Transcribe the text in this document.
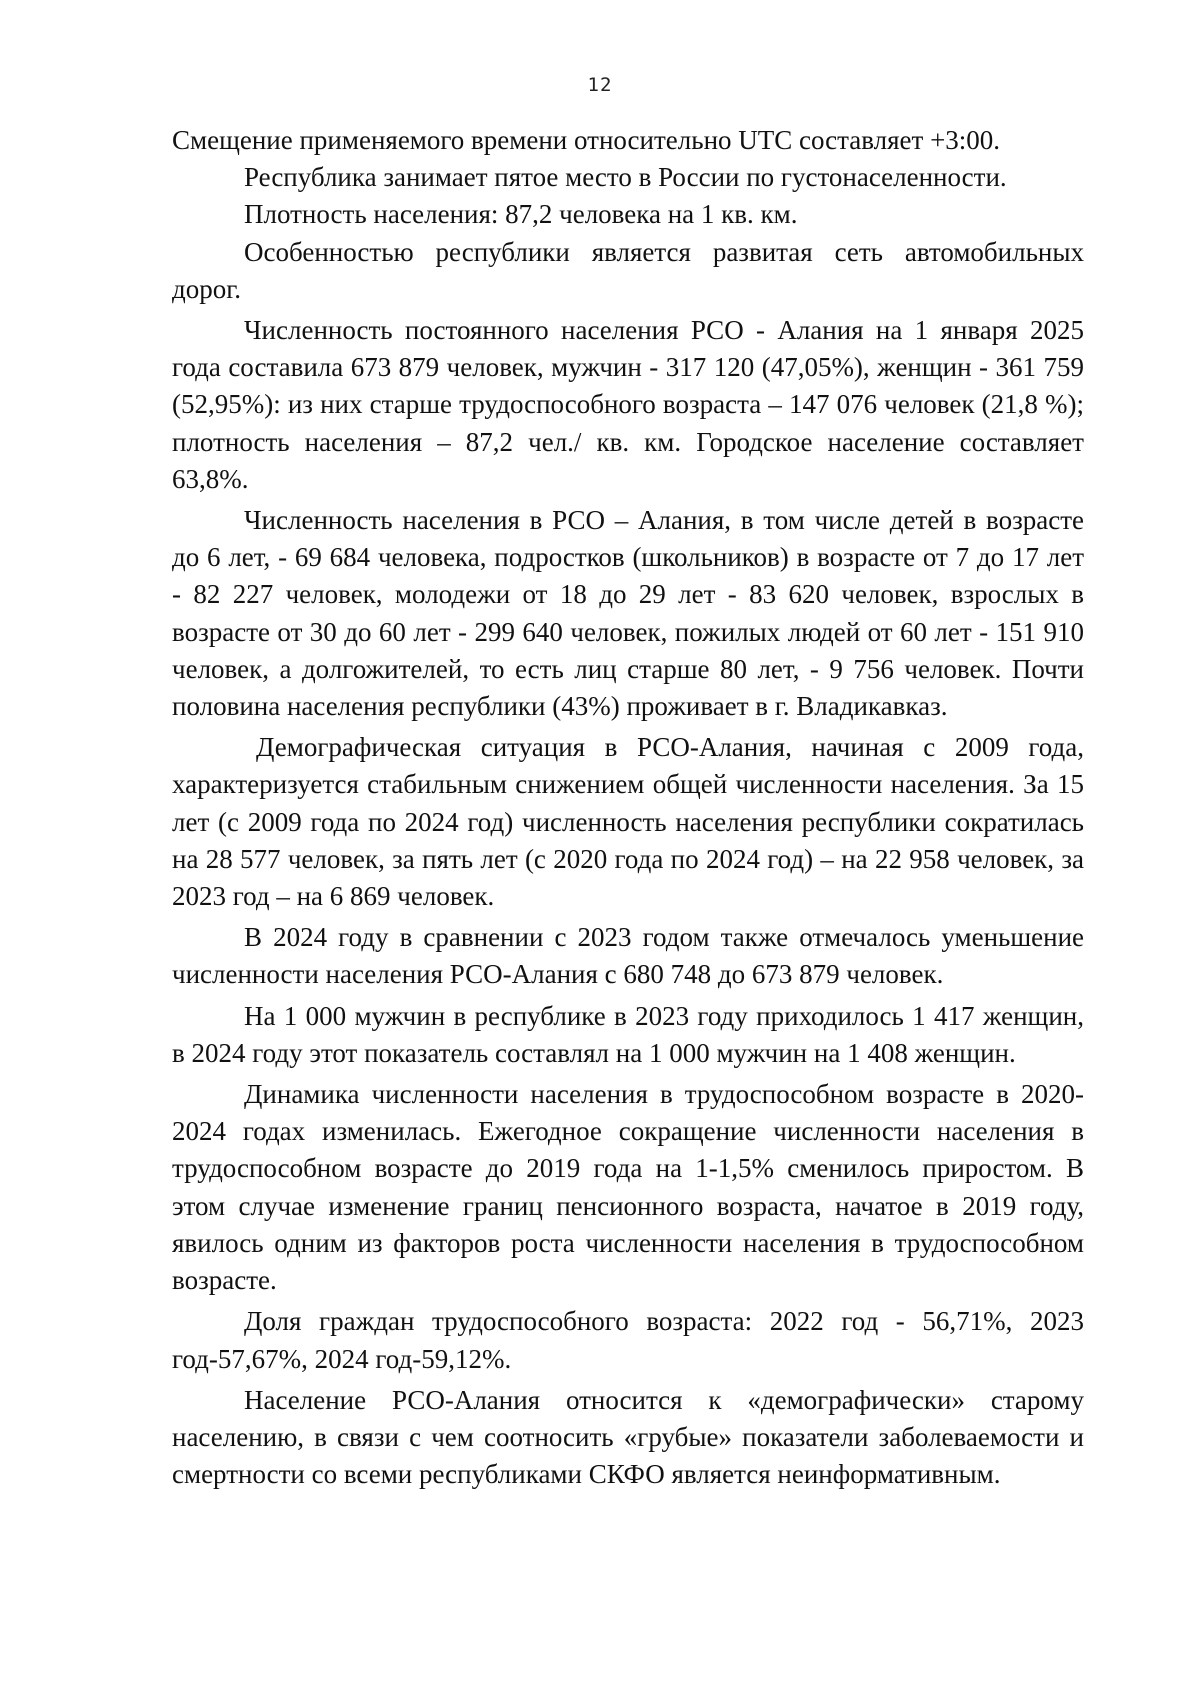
12

Смещение применяемого времени относительно UTC составляет +3:00.

Республика занимает пятое место в России по густонаселенности.

Плотность населения: 87,2 человека на 1 кв. км.

Особенностью республики является развитая сеть автомобильных дорог.

Численность постоянного населения РСО - Алания на 1 января 2025 года составила 673 879 человек, мужчин - 317 120 (47,05%), женщин - 361 759 (52,95%): из них старше трудоспособного возраста – 147 076 человек (21,8 %); плотность населения – 87,2 чел./ кв. км. Городское население составляет 63,8%.

Численность населения в РСО – Алания, в том числе детей в возрасте до 6 лет, - 69 684 человека, подростков (школьников) в возрасте от 7 до 17 лет - 82 227 человек, молодежи от 18 до 29 лет - 83 620 человек, взрослых в возрасте от 30 до 60 лет - 299 640 человек, пожилых людей от 60 лет - 151 910 человек, а долгожителей, то есть лиц старше 80 лет, - 9 756 человек. Почти половина населения республики (43%) проживает в г. Владикавказ.

Демографическая ситуация в РСО-Алания, начиная с 2009 года, характеризуется стабильным снижением общей численности населения. За 15 лет (с 2009 года по 2024 год) численность населения республики сократилась на 28 577 человек, за пять лет (с 2020 года по 2024 год) – на 22 958 человек, за 2023 год – на 6 869 человек.

В 2024 году в сравнении с 2023 годом также отмечалось уменьшение численности населения РСО-Алания с 680 748 до 673 879 человек.

На 1 000 мужчин в республике в 2023 году приходилось 1 417 женщин, в 2024 году этот показатель составлял на 1 000 мужчин на 1 408 женщин.

Динамика численности населения в трудоспособном возрасте в 2020-2024 годах изменилась. Ежегодное сокращение численности населения в трудоспособном возрасте до 2019 года на 1-1,5% сменилось приростом. В этом случае изменение границ пенсионного возраста, начатое в 2019 году, явилось одним из факторов роста численности населения в трудоспособном возрасте.

Доля граждан трудоспособного возраста: 2022 год - 56,71%, 2023 год-57,67%, 2024 год-59,12%.

Население РСО-Алания относится к «демографически» старому населению, в связи с чем соотносить «грубые» показатели заболеваемости и смертности со всеми республиками СКФО является неинформативным.
